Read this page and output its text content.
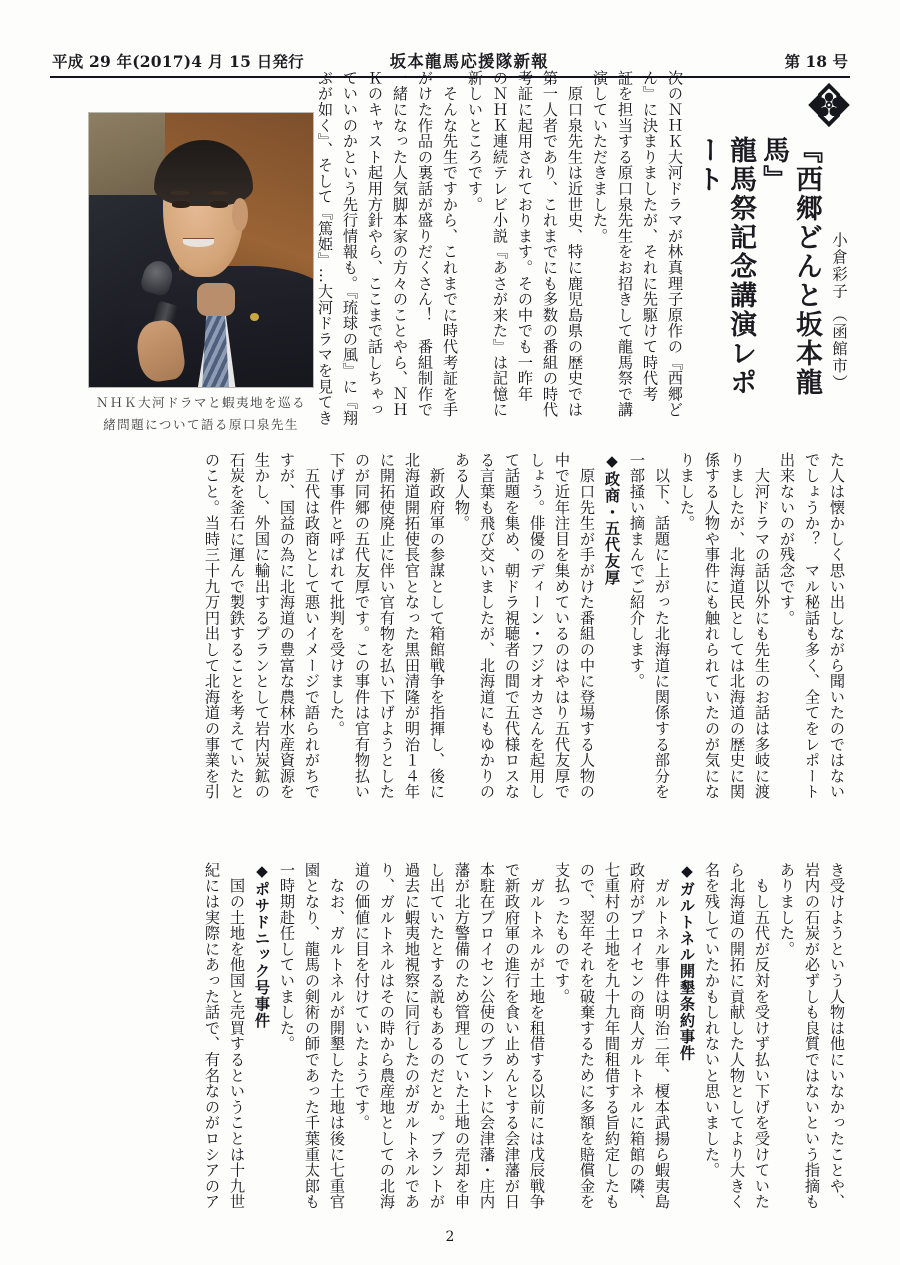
平成 29 年(2017)4 月 15 日発行	坂本龍馬応援隊新報	第 18 号
龍馬祭記念講演レポート	『西郷どんと坂本龍馬』
小倉彩子 （函館市）
ＮＨＫ大河ドラマと蝦夷地を巡る
緒問題について語る原口泉先生
次のＮＨＫ大河ドラマが林真理子原作の『西郷ど
ん』に決まりましたが、それに先駆けて時代考
証を担当する原口泉先生をお招きして龍馬祭で講
演していただきました。
　原口泉先生は近世史、特に鹿児島県の歴史では
第一人者であり、これまでにも多数の番組の時代
考証に起用されております。その中でも一昨年
のＮＨＫ連続テレビ小説『あさが来た』は記憶に
新しいところです。
　そんな先生ですから、これまでに時代考証を手
がけた作品の裏話が盛りだくさん！　番組制作で
一緒になった人気脚本家の方々のことやら、ＮＨ
Ｋのキャスト起用方針やら、ここまで話しちゃっ
ていいのかという先行情報も。『琉球の風』に『翔
ぶが如く』、そして『篤姫』…大河ドラマを見てき
た人は懐かしく思い出しながら聞いたのではない
でしょうか？　マル秘話も多く、全てをレポート
出来ないのが残念です。
　大河ドラマの話以外にも先生のお話は多岐に渡
りましたが、北海道民としては北海道の歴史に関
係する人物や事件にも触れられていたのが気にな
りました。
　以下、話題に上がった北海道に関係する部分を
一部掻い摘まんでご紹介します。
◆政商・五代友厚
　原口先生が手がけた番組の中に登場する人物の
中で近年注目を集めているのはやはり五代友厚で
しょう。俳優のディーン・フジオカさんを起用し
て話題を集め、朝ドラ視聴者の間で五代様ロスな
る言葉も飛び交いましたが、北海道にもゆかりの
ある人物。
　新政府軍の参謀として箱館戦争を指揮し、後に
北海道開拓使長官となった黒田清隆が明治１４年
に開拓使廃止に伴い官有物を払い下げようとした
のが同郷の五代友厚です。この事件は官有物払い
下げ事件と呼ばれて批判を受けました。
　五代は政商として悪いイメージで語られがちで
すが、国益の為に北海道の豊富な農林水産資源を
生かし、外国に輸出するプランとして岩内炭鉱の
石炭を釜石に運んで製鉄することを考えていたと
のこと。当時三十九万円出して北海道の事業を引
き受けようという人物は他にいなかったことや、
岩内の石炭が必ずしも良質ではないという指摘も
ありました。
　もし五代が反対を受けず払い下げを受けていた
ら北海道の開拓に貢献した人物としてより大きく
名を残していたかもしれないと思いました。
◆ガルトネル開墾条約事件
　ガルトネル事件は明治二年、榎本武揚ら蝦夷島
政府がプロイセンの商人ガルトネルに箱館の隣、
七重村の土地を九十九年間租借する旨約定したも
ので、翌年それを破棄するために多額を賠償金を
支払ったものです。
　ガルトネルが土地を租借する以前には戊辰戦争
で新政府軍の進行を食い止めんとする会津藩が日
本駐在プロイセン公使のブラントに会津藩・庄内
藩が北方警備のため管理していた土地の売却を申
し出ていたとする説もあるのだとか。ブラントが
過去に蝦夷地視察に同行したのがガルトネルであ
り、ガルトネルはその時から農産地としての北海
道の価値に目を付けていたようです。
　なお、ガルトネルが開墾した土地は後に七重官
園となり、龍馬の剣術の師であった千葉重太郎も
一時期赴任していました。
◆ポサドニック号事件
　国の土地を他国と売買するということは十九世
紀には実際にあった話で、有名なのがロシアのア
2
